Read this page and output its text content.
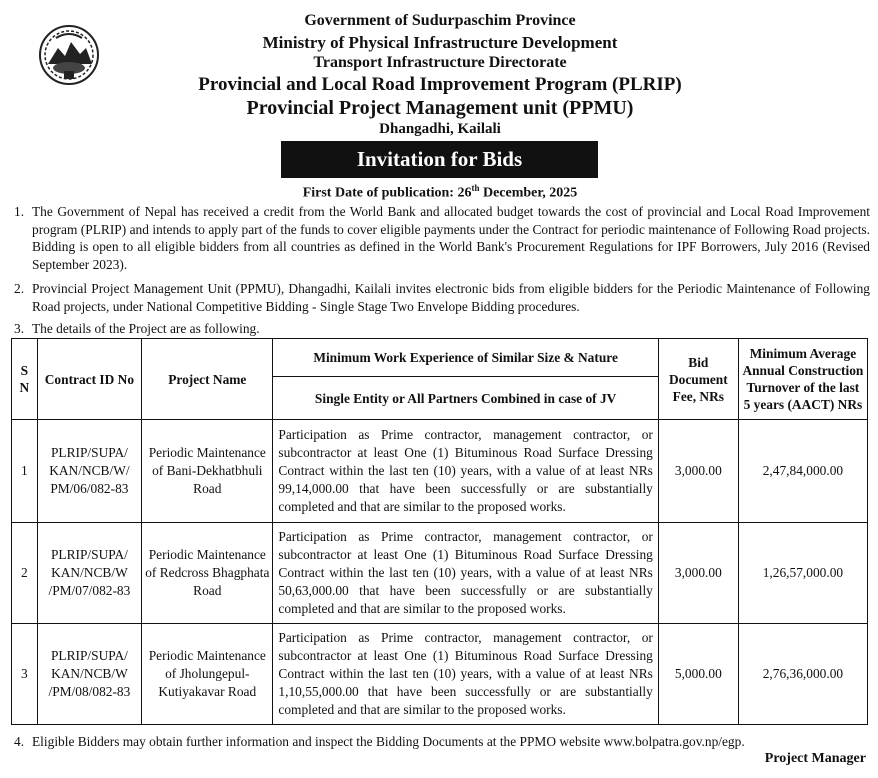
Government of Sudurpaschim Province
Ministry of Physical Infrastructure Development
Transport Infrastructure Directorate
Provincial and Local Road Improvement Program (PLRIP)
Provincial Project Management unit (PPMU)
Dhangadhi, Kailali
Invitation for Bids
First Date of publication: 26th December, 2025
1. The Government of Nepal has received a credit from the World Bank and allocated budget towards the cost of provincial and Local Road Improvement program (PLRIP) and intends to apply part of the funds to cover eligible payments under the Contract for periodic maintenance of Following Road projects. Bidding is open to all eligible bidders from all countries as defined in the World Bank's Procurement Regulations for IPF Borrowers, July 2016 (Revised September 2023).
2. Provincial Project Management Unit (PPMU), Dhangadhi, Kailali invites electronic bids from eligible bidders for the Periodic Maintenance of Following Road projects, under National Competitive Bidding - Single Stage Two Envelope Bidding procedures.
3. The details of the Project are as following.
S N	Contract ID No	Project Name	Minimum Work Experience of Similar Size & Nature	Bid Document Fee, NRs	Minimum Average Annual Construction Turnover of the last 5 years (AACT) NRs
			Single Entity or All Partners Combined in case of JV		
1	PLRIP/SUPA/ KAN/NCB/W/ PM/06/082-83	Periodic Maintenance of Bani-Dekhatbhuli Road	Participation as Prime contractor, management contractor, or subcontractor at least One (1) Bituminous Road Surface Dressing Contract within the last ten (10) years, with a value of at least NRs 99,14,000.00 that have been successfully or are substantially completed and that are similar to the proposed works.	3,000.00	2,47,84,000.00
2	PLRIP/SUPA/ KAN/NCB/W /PM/07/082-83	Periodic Maintenance of Redcross Bhagphata Road	Participation as Prime contractor, management contractor, or subcontractor at least One (1) Bituminous Road Surface Dressing Contract within the last ten (10) years, with a value of at least NRs 50,63,000.00 that have been successfully or are substantially completed and that are similar to the proposed works.	3,000.00	1,26,57,000.00
3	PLRIP/SUPA/ KAN/NCB/W /PM/08/082-83	Periodic Maintenance of Jholungepul-Kutiyakavar Road	Participation as Prime contractor, management contractor, or subcontractor at least One (1) Bituminous Road Surface Dressing Contract within the last ten (10) years, with a value of at least NRs 1,10,55,000.00 that have been successfully or are substantially completed and that are similar to the proposed works.	5,000.00	2,76,36,000.00
4. Eligible Bidders may obtain further information and inspect the Bidding Documents at the PPMO website www.bolpatra.gov.np/egp.
Project Manager
